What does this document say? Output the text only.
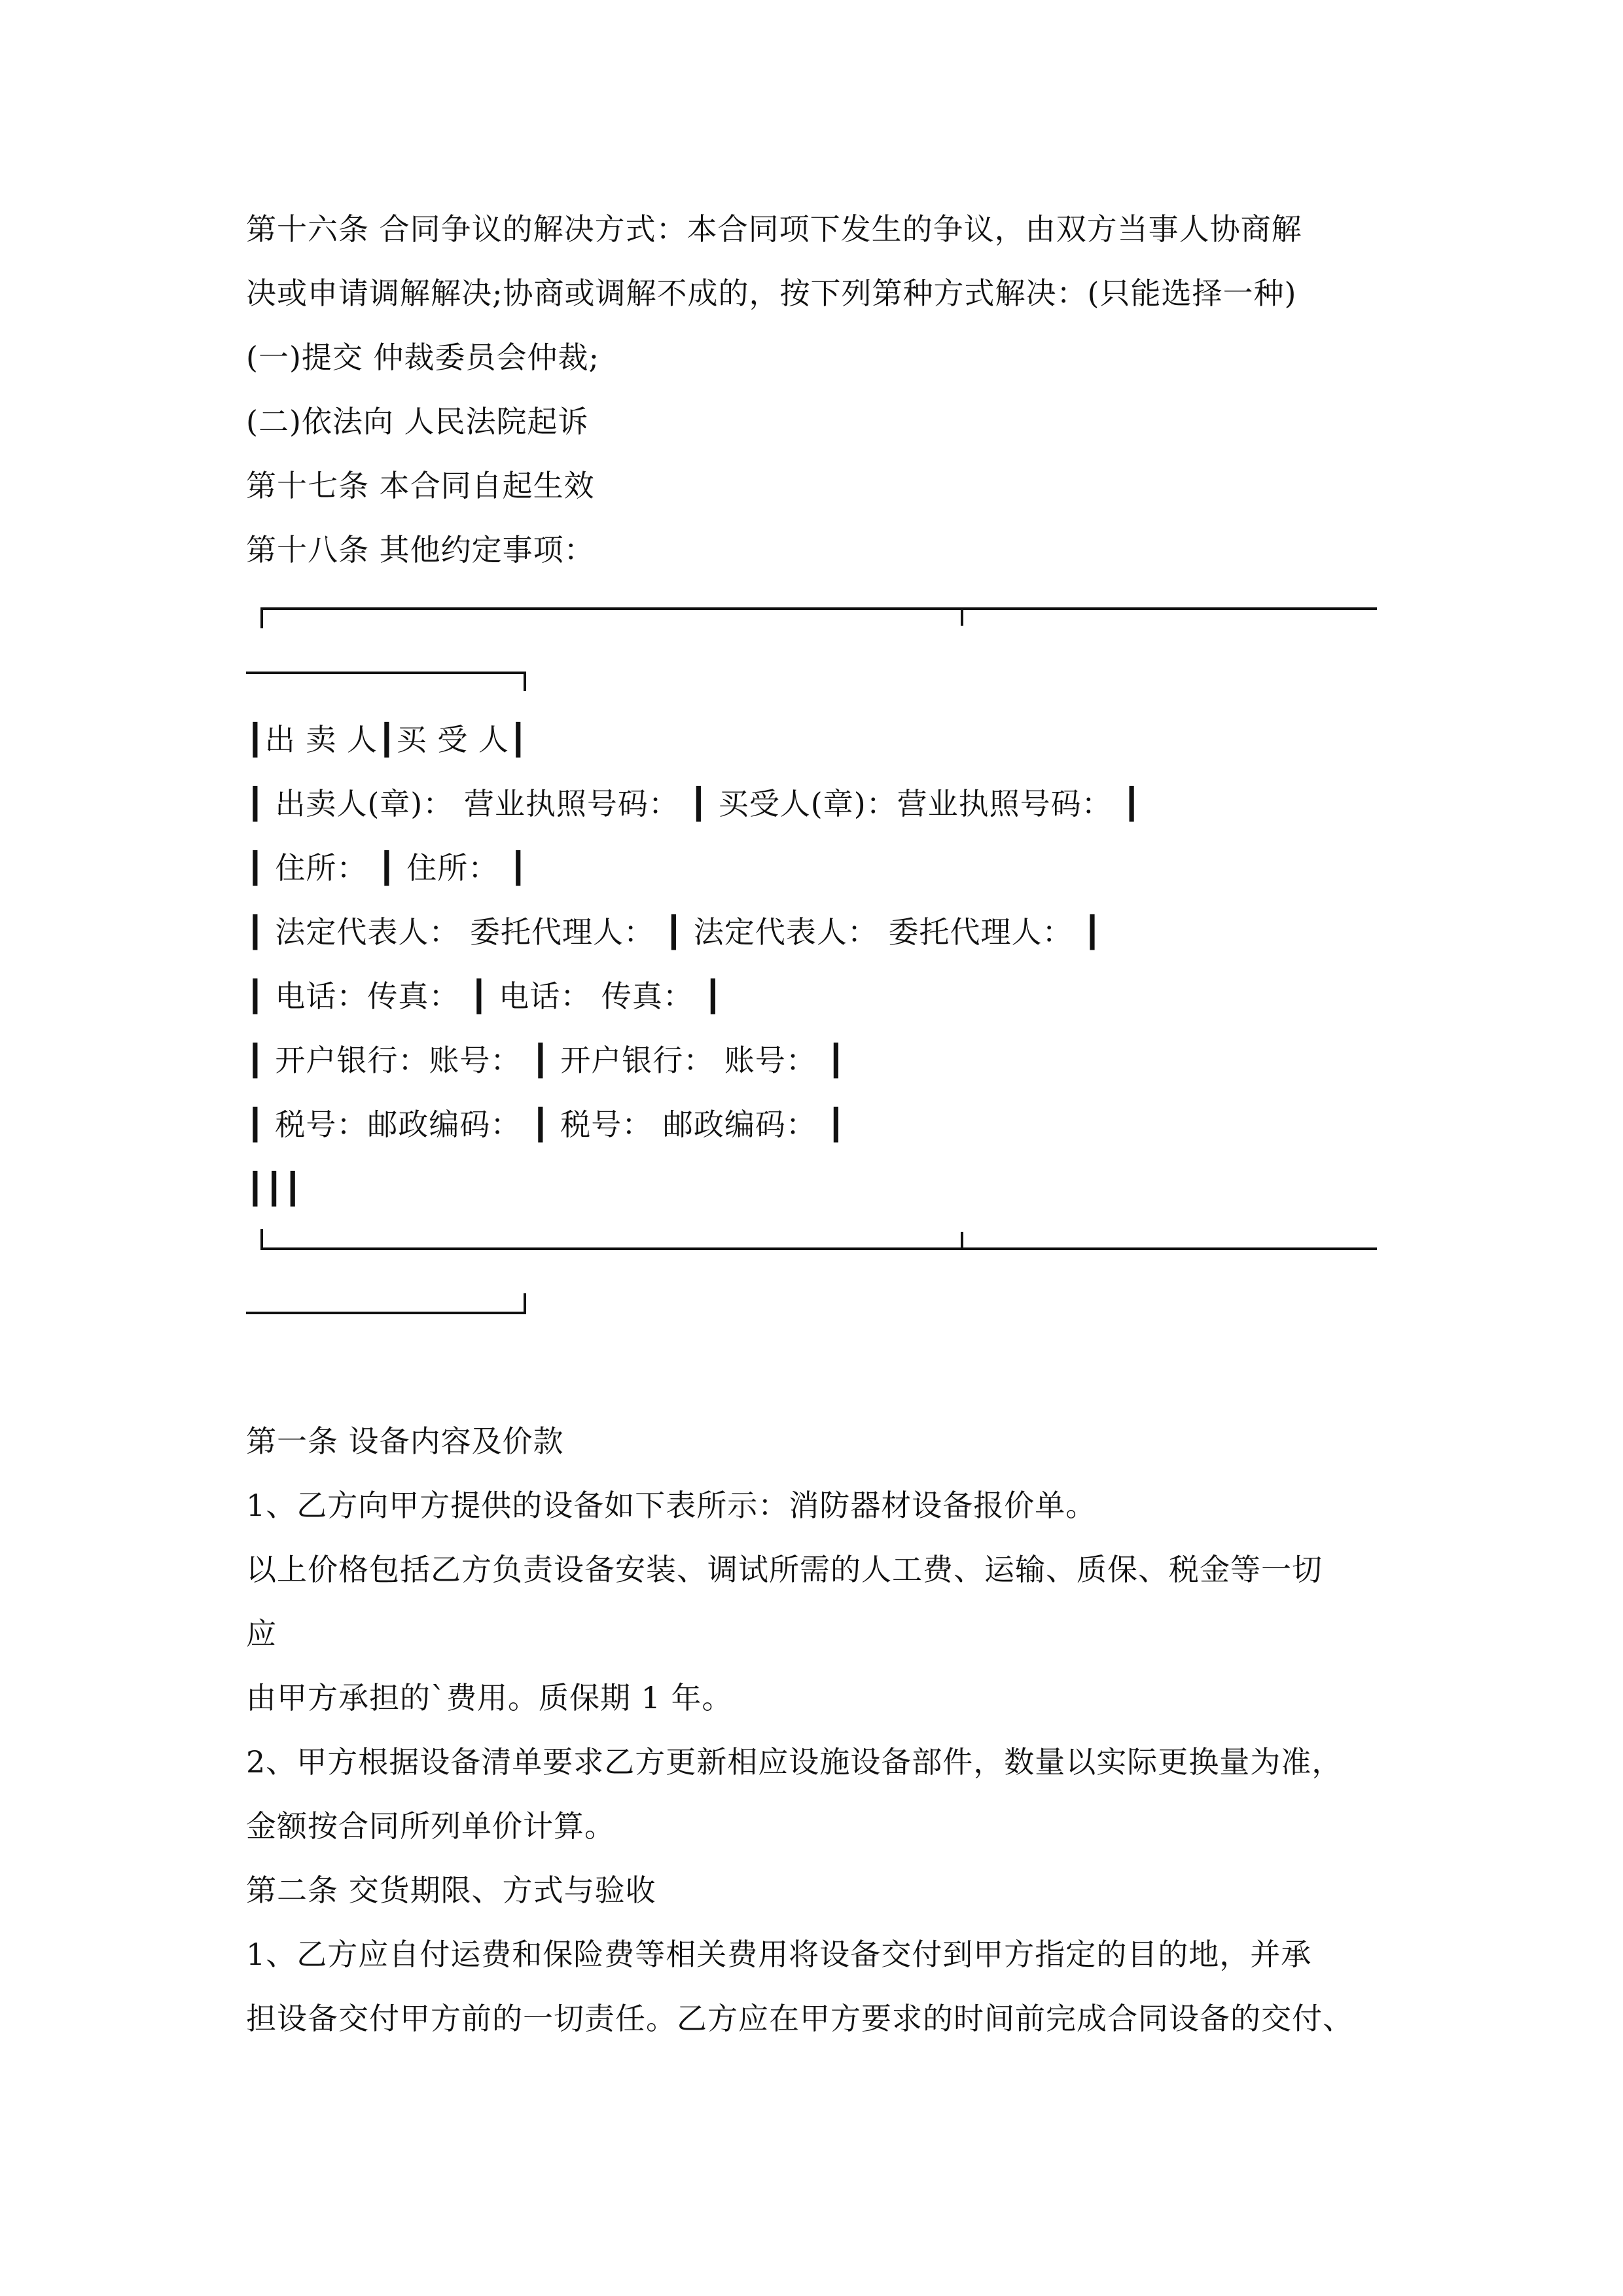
第十六条 合同争议的解决方式：本合同项下发生的争议，由双方当事人协商解
决或申请调解解决;协商或调解不成的，按下列第种方式解决：(只能选择一种)
(一)提交 仲裁委员会仲裁;
(二)依法向 人民法院起诉
第十七条 本合同自起生效
第十八条 其他约定事项：
┃出 卖 人┃买 受 人┃
┃ 出卖人(章)： 营业执照号码： ┃ 买受人(章)：营业执照号码： ┃
┃ 住所： ┃ 住所： ┃
┃ 法定代表人： 委托代理人： ┃ 法定代表人： 委托代理人： ┃
┃ 电话：传真： ┃ 电话： 传真： ┃
┃ 开户银行：账号： ┃ 开户银行： 账号： ┃
┃ 税号：邮政编码： ┃ 税号： 邮政编码： ┃
┃┃┃
第一条 设备内容及价款
1、乙方向甲方提供的设备如下表所示：消防器材设备报价单。
以上价格包括乙方负责设备安装、调试所需的人工费、运输、质保、税金等一切
应
由甲方承担的`费用。质保期 1 年。
2、甲方根据设备清单要求乙方更新相应设施设备部件，数量以实际更换量为准，
金额按合同所列单价计算。
第二条 交货期限、方式与验收
1、乙方应自付运费和保险费等相关费用将设备交付到甲方指定的目的地，并承
担设备交付甲方前的一切责任。乙方应在甲方要求的时间前完成合同设备的交付、
